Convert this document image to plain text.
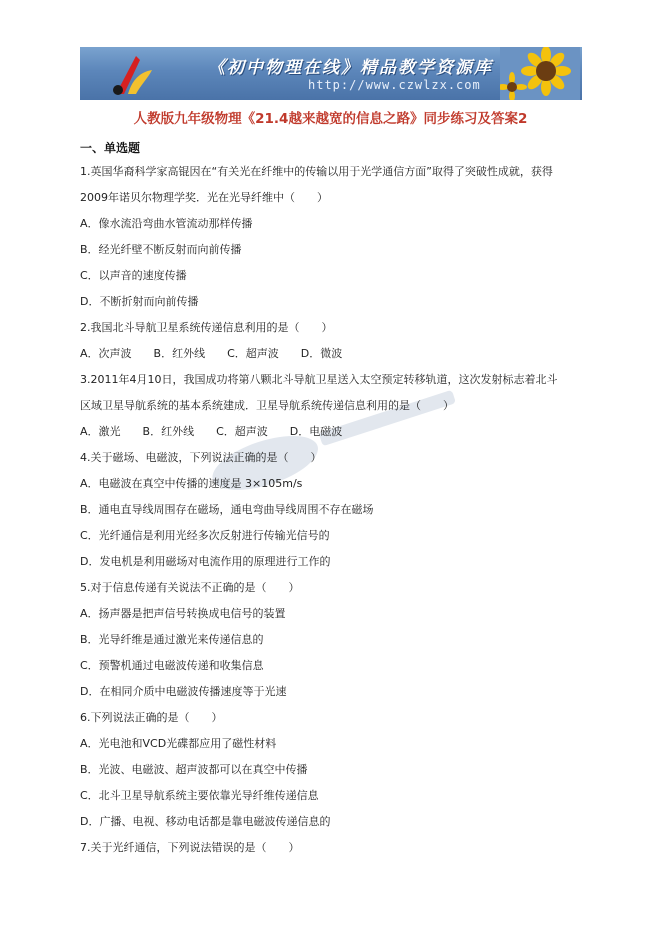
《初中物理在线》精品教学资源库
http://www.czwlzx.com
人教版九年级物理《21.4越来越宽的信息之路》同步练习及答案2
一、单选题
1.英国华裔科学家高锟因在“有关光在纤维中的传输以用于光学通信方面”取得了突破性成就，获得
2009年诺贝尔物理学奖．光在光导纤维中（　　）
A．像水流沿弯曲水管流动那样传播
B．经光纤壁不断反射而向前传播
C．以声音的速度传播
D．不断折射而向前传播
2.我国北斗导航卫星系统传递信息利用的是（　　）
A．次声波　　B．红外线　　C．超声波　　D．微波
3.2011年4月10日，我国成功将第八颗北斗导航卫星送入太空预定转移轨道，这次发射标志着北斗
区域卫星导航系统的基本系统建成．卫星导航系统传递信息利用的是（　　）
A．激光　　B．红外线　　C．超声波　　D．电磁波
4.关于磁场、电磁波，下列说法正确的是（　　）
A．电磁波在真空中传播的速度是 3×105m/s
B．通电直导线周围存在磁场，通电弯曲导线周围不存在磁场
C．光纤通信是利用光经多次反射进行传输光信号的
D．发电机是利用磁场对电流作用的原理进行工作的
5.对于信息传递有关说法不正确的是（　　）
A．扬声器是把声信号转换成电信号的装置
B．光导纤维是通过激光来传递信息的
C．预警机通过电磁波传递和收集信息
D．在相同介质中电磁波传播速度等于光速
6.下列说法正确的是（　　）
A．光电池和VCD光碟都应用了磁性材料
B．光波、电磁波、超声波都可以在真空中传播
C．北斗卫星导航系统主要依靠光导纤维传递信息
D．广播、电视、移动电话都是靠电磁波传递信息的
7.关于光纤通信，下列说法错误的是（　　）
